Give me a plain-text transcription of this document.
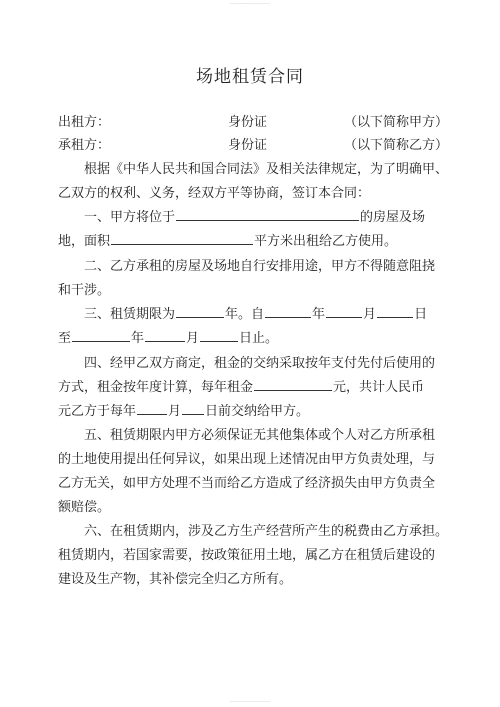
------------------------
场地租赁合同
出租方：	身份证	（以下简称甲方）
承租方：	身份证	（以下简称乙方）
根据《中华人民共和国合同法》及相关法律规定，为了明确甲、
乙双方的权利、义务，经双方平等协商，签订本合同：
一、甲方将位于	的房屋及场
地，面积	平方米出租给乙方使用。
二、乙方承租的房屋及场地自行安排用途，甲方不得随意阻挠
和干涉。
三、租赁期限为	年。自	年	月	日
至	年	月	日止。
四、经甲乙双方商定，租金的交纳采取按年支付先付后使用的
方式，租金按年度计算，每年租金	元，共计人民币
元乙方于每年 月 日前交纳给甲方。
五、租赁期限内甲方必须保证无其他集体或个人对乙方所承租
的土地使用提出任何异议，如果出现上述情况由甲方负责处理，与
乙方无关，如甲方处理不当而给乙方造成了经济损失由甲方负责全
额赔偿。
六、在租赁期内，涉及乙方生产经营所产生的税费由乙方承担。
租赁期内，若国家需要，按政策征用土地，属乙方在租赁后建设的
建设及生产物，其补偿完全归乙方所有。
------------------------
